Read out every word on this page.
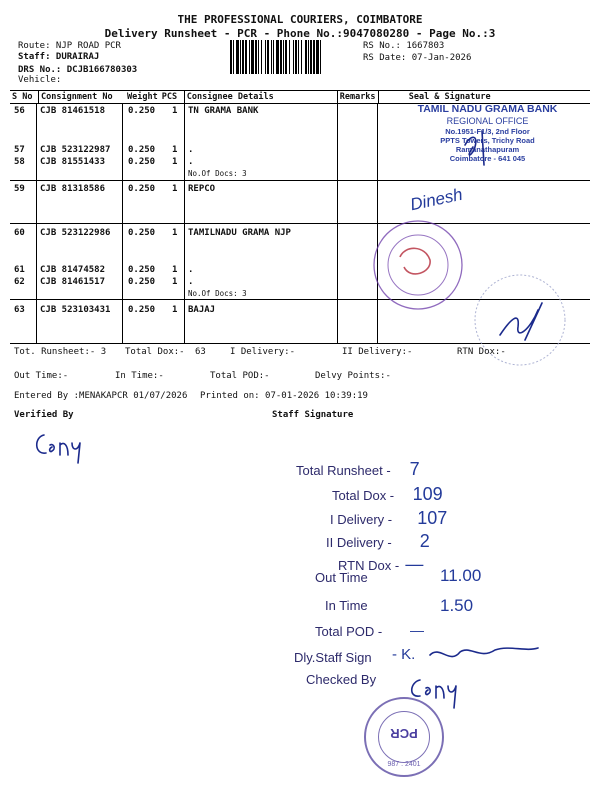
THE PROFESSIONAL COURIERS, COIMBATORE
Delivery Runsheet - PCR - Phone No.:9047080280 - Page No.:3
Route: NJP ROAD PCR
Staff: DURAIRAJ
DRS No.: DCJB166780303
Vehicle:
RS No.: 1667803
RS Date: 07-Jan-2026
S No	Consignment No	Weight	PCS	Consignee Details	Remarks	Seal & Signature
56 CJB 81461518	0.250 1 TN GRAMA BANK
57 CJB 523122987 0.250 1 .
58 CJB 81551433	0.250 1 .
No.Of Docs: 3
59 CJB 81318586	0.250 1 REPCO
60 CJB 523122986 0.250 1 TAMILNADU GRAMA NJP
61 CJB 81474582	0.250 1 .
62 CJB 81461517	0.250 1 .
No.Of Docs: 3
63 CJB 523103431 0.250 1 BAJAJ
TAMIL NADU GRAMA BANK
REGIONAL OFFICE
No.1951-F1/3, 2nd Floor
PPTS Towers, Trichy Road
Ramanathapuram
Coimbatore - 641 045
Dinesh
Tot. Runsheet:- 3 Total Dox:- 63	I Delivery:-	II Delivery:-	RTN Dox:-
Out Time:-	In Time:-	Total POD:-	Delvy Points:-
Entered By :MENAKAPCR 01/07/2026 Printed on: 07-01-2026 10:39:19
Verified By	Staff Signature
Total Runsheet - 7
Total Dox - 109
I Delivery - 107
II Delivery - 2
RTN Dox - —
Out Time	11.00
In Time	1.50
Total POD - —
Dly.Staff Sign - K.
Checked By
PCR
987 . 2401
